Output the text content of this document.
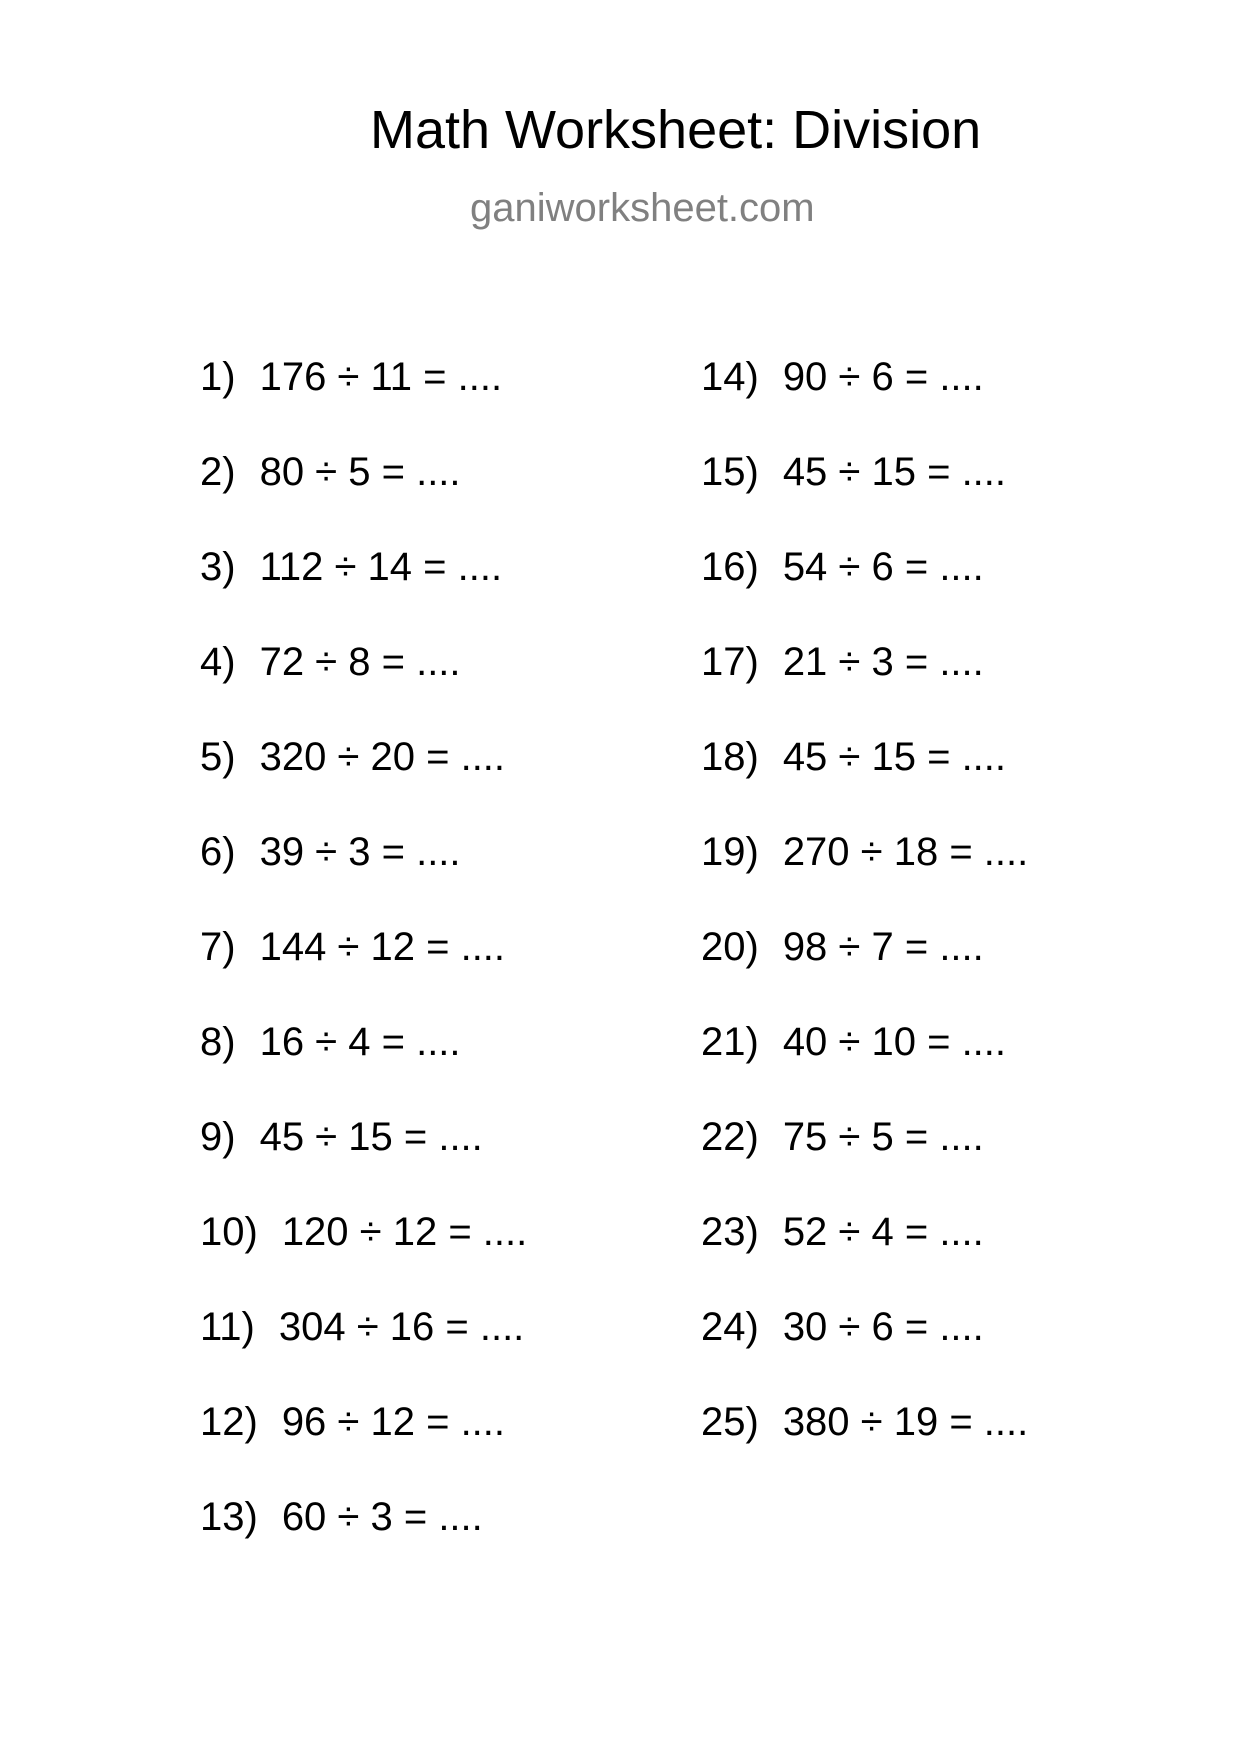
Math Worksheet: Division
ganiworksheet.com
1) 176 ÷ 11 = ....
2) 80 ÷ 5 = ....
3) 112 ÷ 14 = ....
4) 72 ÷ 8 = ....
5) 320 ÷ 20 = ....
6) 39 ÷ 3 = ....
7) 144 ÷ 12 = ....
8) 16 ÷ 4 = ....
9) 45 ÷ 15 = ....
10) 120 ÷ 12 = ....
11) 304 ÷ 16 = ....
12) 96 ÷ 12 = ....
13) 60 ÷ 3 = ....
14) 90 ÷ 6 = ....
15) 45 ÷ 15 = ....
16) 54 ÷ 6 = ....
17) 21 ÷ 3 = ....
18) 45 ÷ 15 = ....
19) 270 ÷ 18 = ....
20) 98 ÷ 7 = ....
21) 40 ÷ 10 = ....
22) 75 ÷ 5 = ....
23) 52 ÷ 4 = ....
24) 30 ÷ 6 = ....
25) 380 ÷ 19 = ....
